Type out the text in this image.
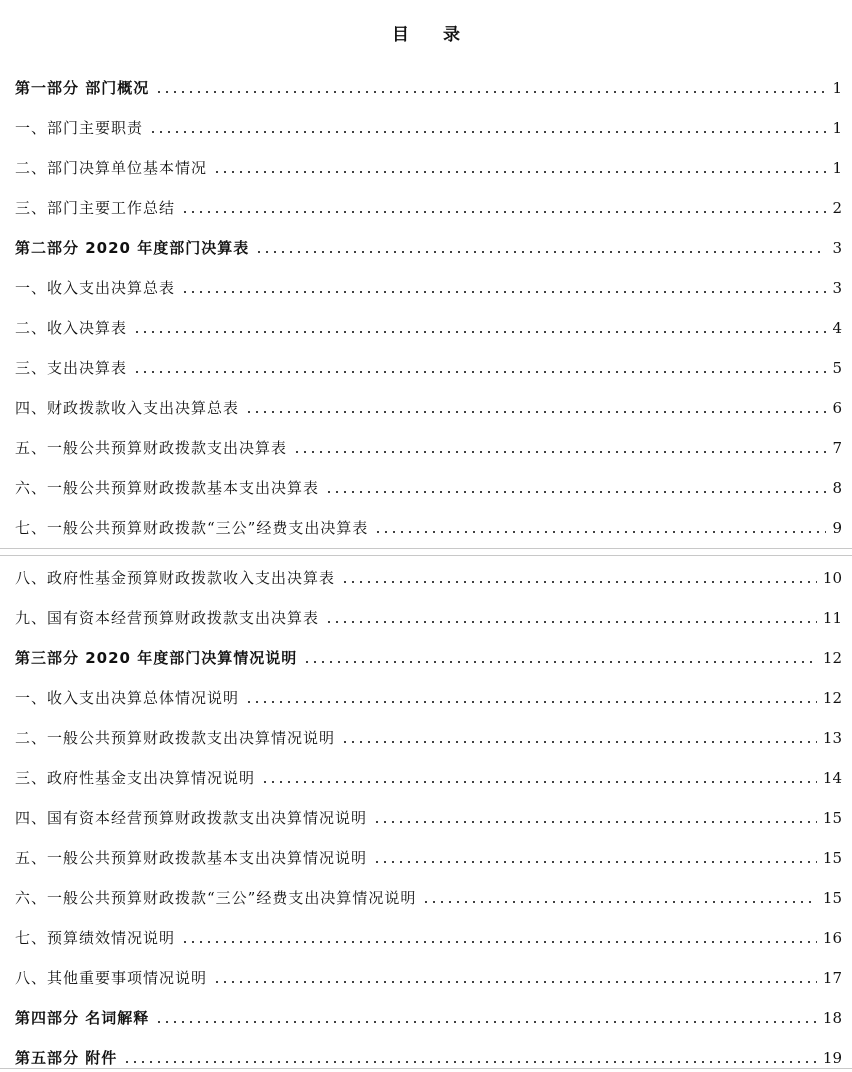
目 录
第一部分 部门概况	1
一、部门主要职责	1
二、部门决算单位基本情况	1
三、部门主要工作总结	2
第二部分 2020 年度部门决算表	3
一、收入支出决算总表	3
二、收入决算表	4
三、支出决算表	5
四、财政拨款收入支出决算总表	6
五、一般公共预算财政拨款支出决算表	7
六、一般公共预算财政拨款基本支出决算表	8
七、一般公共预算财政拨款“三公”经费支出决算表	9
八、政府性基金预算财政拨款收入支出决算表	10
九、国有资本经营预算财政拨款支出决算表	11
第三部分 2020 年度部门决算情况说明	12
一、收入支出决算总体情况说明	12
二、一般公共预算财政拨款支出决算情况说明	13
三、政府性基金支出决算情况说明	14
四、国有资本经营预算财政拨款支出决算情况说明	15
五、一般公共预算财政拨款基本支出决算情况说明	15
六、一般公共预算财政拨款“三公”经费支出决算情况说明	15
七、预算绩效情况说明	16
八、其他重要事项情况说明	17
第四部分 名词解释	18
第五部分 附件	19
